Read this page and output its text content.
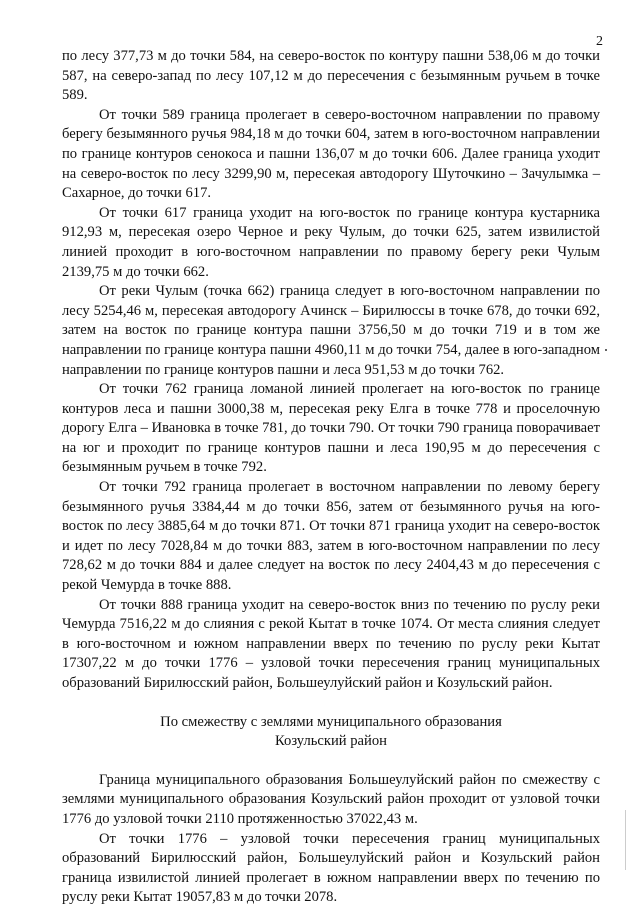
2

по лесу 377,73 м до точки 584, на северо-восток по контуру пашни 538,06 м до точки 587, на северо-запад по лесу 107,12 м до пересечения с безымянным ручьем в точке 589.

От точки 589 граница пролегает в северо-восточном направлении по правому берегу безымянного ручья 984,18 м до точки 604, затем в юго-восточном направлении по границе контуров сенокоса и пашни 136,07 м до точки 606. Далее граница уходит на северо-восток по лесу 3299,90 м, пересекая автодорогу Шуточкино – Зачулымка – Сахарное, до точки 617.

От точки 617 граница уходит на юго-восток по границе контура кустарника 912,93 м, пересекая озеро Черное и реку Чулым, до точки 625, затем извилистой линией проходит в юго-восточном направлении по правому берегу реки Чулым 2139,75 м до точки 662.

От реки Чулым (точка 662) граница следует в юго-восточном направлении по лесу 5254,46 м, пересекая автодорогу Ачинск – Бирилюссы в точке 678, до точки 692, затем на восток по границе контура пашни 3756,50 м до точки 719 и в том же направлении по границе контура пашни 4960,11 м до точки 754, далее в юго-западном направлении по границе контуров пашни и леса 951,53 м до точки 762.

От точки 762 граница ломаной линией пролегает на юго-восток по границе контуров леса и пашни 3000,38 м, пересекая реку Елга в точке 778 и проселочную дорогу Елга – Ивановка в точке 781, до точки 790. От точки 790 граница поворачивает на юг и проходит по границе контуров пашни и леса 190,95 м до пересечения с безымянным ручьем в точке 792.

От точки 792 граница пролегает в восточном направлении по левому берегу безымянного ручья 3384,44 м до точки 856, затем от безымянного ручья на юго-восток по лесу 3885,64 м до точки 871. От точки 871 граница уходит на северо-восток и идет по лесу 7028,84 м до точки 883, затем в юго-восточном направлении по лесу 728,62 м до точки 884 и далее следует на восток по лесу 2404,43 м до пересечения с рекой Чемурда в точке 888.

От точки 888 граница уходит на северо-восток вниз по течению по руслу реки Чемурда 7516,22 м до слияния с рекой Кытат в точке 1074. От места слияния следует в юго-восточном и южном направлении вверх по течению по руслу реки Кытат 17307,22 м до точки 1776 – узловой точки пересечения границ муниципальных образований Бирилюсский район, Большеулуйский район и Козульский район.

По смежеству с землями муниципального образования
Козульский район

Граница муниципального образования Большеулуйский район по смежеству с землями муниципального образования Козульский район проходит от узловой точки 1776 до узловой точки 2110 протяженностью 37022,43 м.

От точки 1776 – узловой точки пересечения границ муниципальных образований Бирилюсский район, Большеулуйский район и Козульский район граница извилистой линией пролегает в южном направлении вверх по течению по руслу реки Кытат 19057,83 м до точки 2078.
